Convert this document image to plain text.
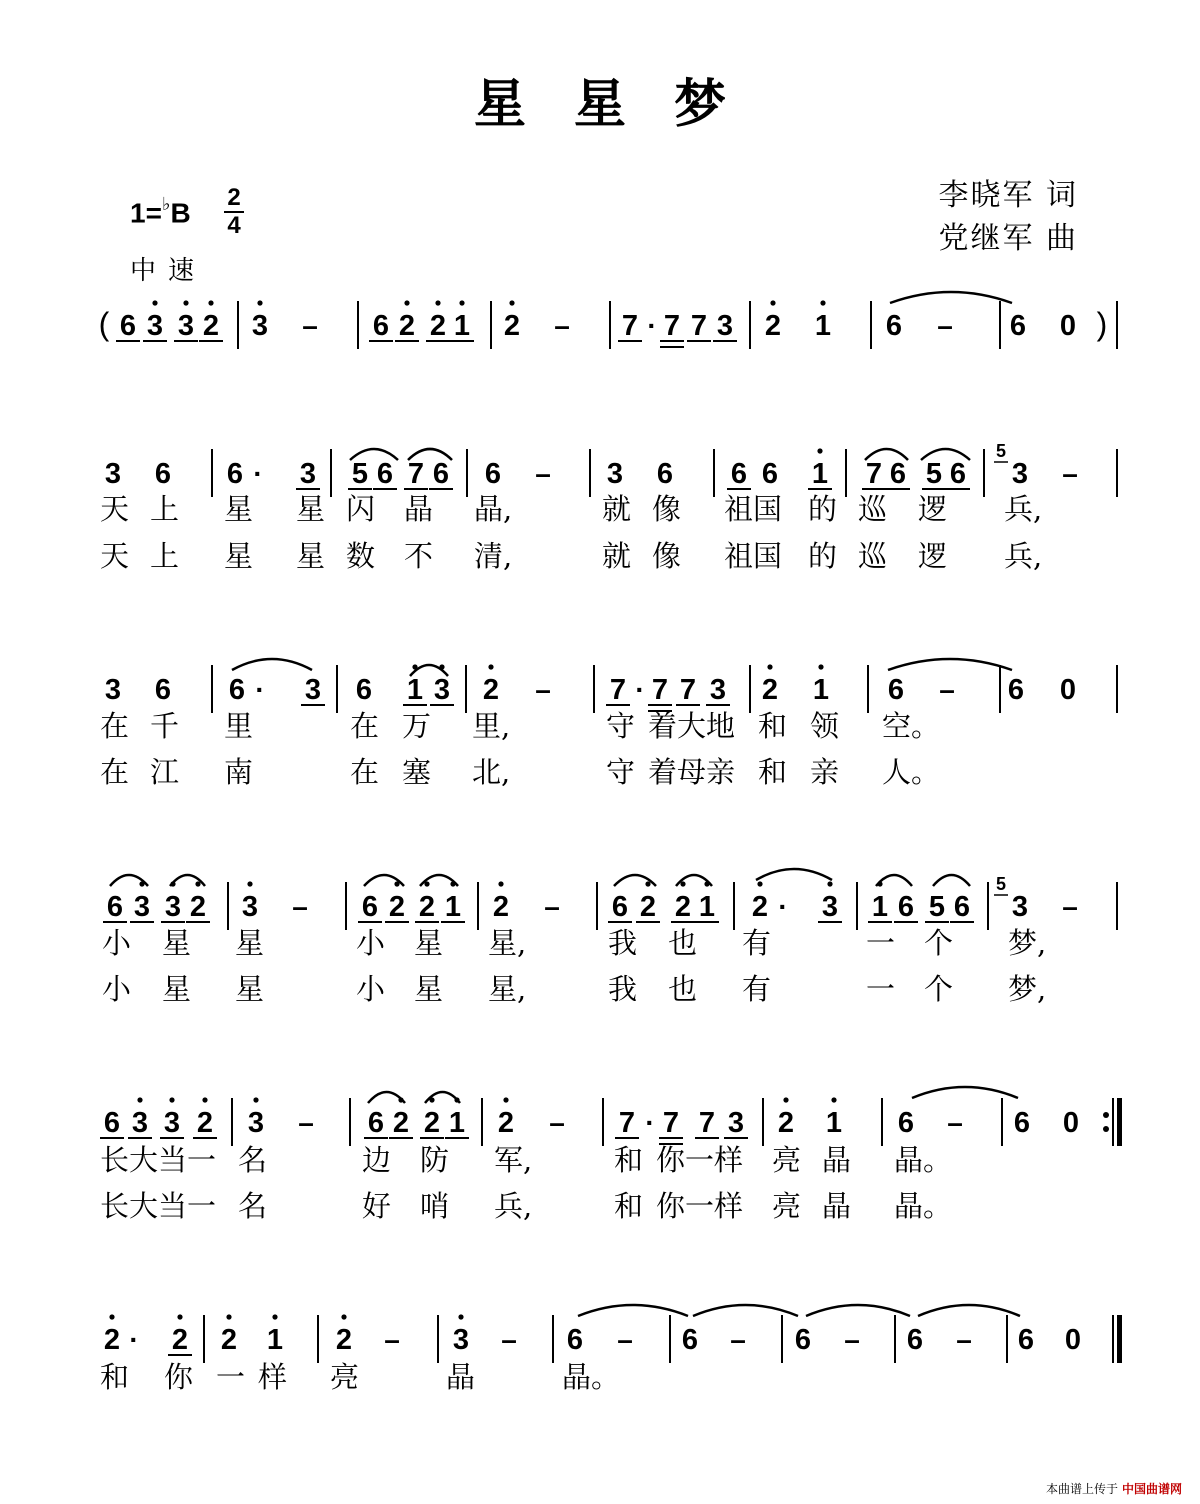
星星梦
李晓军 词
党继军 曲
1=♭B 2
4
中速
(	)
6 3 3 2 3 – 6 2 2 1 2 – 7 · 7 7 3 2 1 6 – 6 0
5
3 6 6 · 3 5 6 7 6 6 – 3 6 6 6 1 7 6 5 6 3 –
3 6 6 · 3 6 1 3 2 – 7 · 7 7 3 2 1 6 – 6 0
5
6 3 3 2 3 – 6 2 2 1 2 – 6 2 2 1 2 · 3 1 6 5 6 3 –
6 3 3 2 3 – 6 2 2 1 2 – 7 · 7 7 3 2 1 6 – 6 0
2 · 2 2 1 2 – 3 – 6 – 6 – 6 – 6 – 6 0
天 上 星 星 闪 晶 晶,	就 像 祖国 的 巡 逻 兵,
天 上 星 星 数 不 清,	就 像 祖国 的 巡 逻 兵,
在 千 里	在 万 里,	守 着大地 和 领 空。
在 江 南	在 塞 北,	守 着母亲 和 亲 人。
小 星 星	小 星 星,	我 也 有	一 个 梦,
小 星 星	小 星 星,	我 也 有	一 个 梦,
长大当一 名	边 防 军,	和 你一样 亮 晶 晶。
长大当一 名	好 哨 兵,	和 你一样 亮 晶 晶。
和 你 一 样 亮	晶	晶。
本曲谱上传于 中国曲谱网
